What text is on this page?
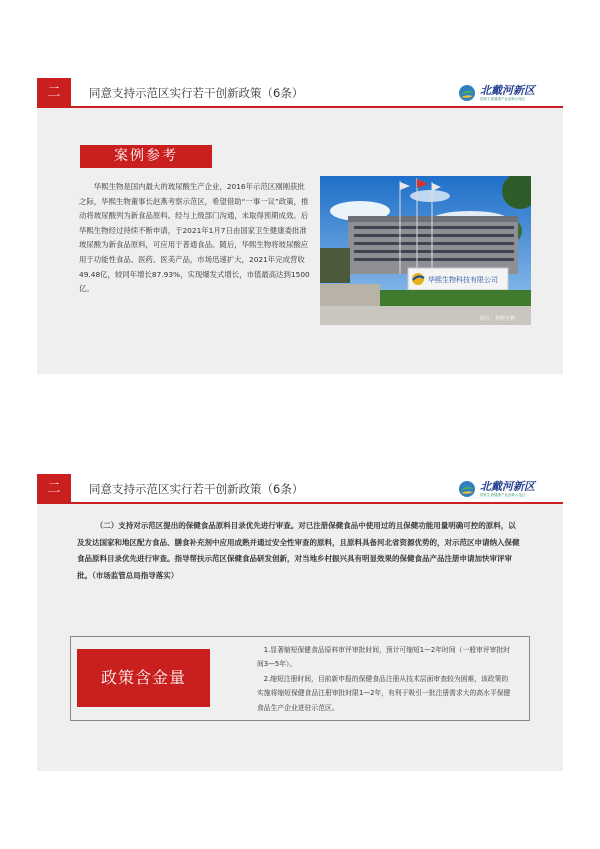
二	同意支持示范区实行若干创新政策（6条）	北戴河新区
国家生命健康产业创新示范区
案例参考

华熙生物是国内最大的玻尿酸生产企业，2016年示范区刚刚获批之际，华熙生物董事长赵燕考察示范区，希望借助“一事一议”政策，推动将玻尿酸列为新食品原料。经与上级部门沟通，未取得预期成效。后华熙生物经过持续不断申请，于2021年1月7日由国家卫生健康委批准玻尿酸为新食品原料，可应用于普通食品。随后，华熙生物将玻尿酸应用于功能性食品、医药、医美产品，市场迅速扩大，2021年完成营收49.48亿，较同年增长87.93%，实现爆发式增长，市值最高达到1500亿。

华熙生物科技有限公司
图片：华熙生物
二	同意支持示范区实行若干创新政策（6条）	北戴河新区
国家生命健康产业创新示范区

（二）支持对示范区提出的保健食品原料目录优先进行审查。对已注册保健食品中使用过的且保健功能用量明确可控的原料，以及发达国家和地区配方食品、膳食补充剂中应用成熟并通过安全性审查的原料，且原料具备河北省资源优势的，对示范区申请纳入保健食品原料目录优先进行审查。指导帮扶示范区保健食品研发创新，对当地乡村振兴具有明显效果的保健食品产品注册申请加快审评审批。（市场监管总局指导落实）

政策含金量

1.显著缩短保健食品原料审评审批时间，预计可缩短1—2年时间（一般审评审批时间3—5年）。

2.缩短注册时间，目前新申报的保健食品注册从技术层面审查较为困难，该政策的实施将缩短保健食品注册审批时限1—2年，有利于吸引一批注册需求大的高水平保健食品生产企业进驻示范区。
